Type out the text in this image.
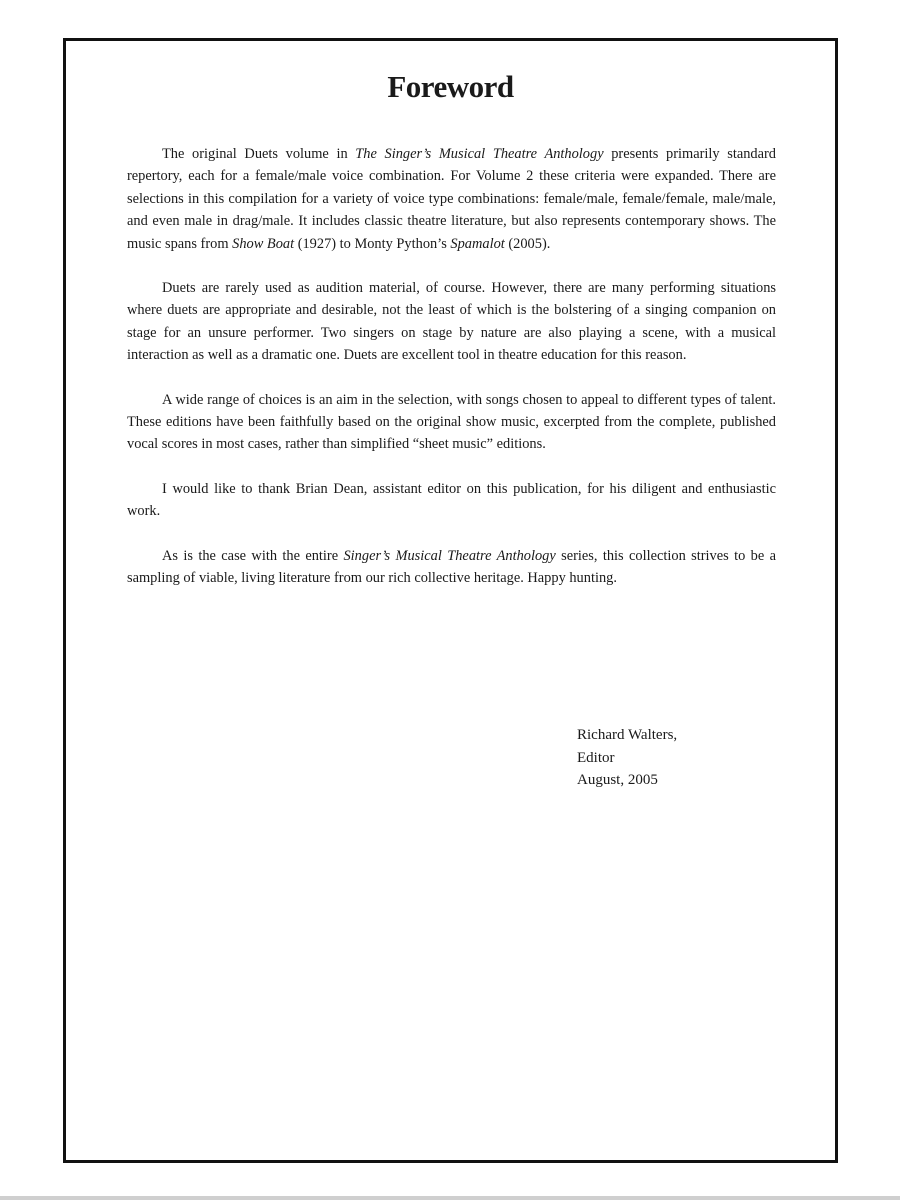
Foreword

The original Duets volume in The Singer’s Musical Theatre Anthology presents primarily standard repertory, each for a female/male voice combination. For Volume 2 these criteria were expanded. There are selections in this compilation for a variety of voice type combinations: female/male, female/female, male/male, and even male in drag/male. It includes classic theatre literature, but also represents contemporary shows. The music spans from Show Boat (1927) to Monty Python’s Spamalot (2005).

Duets are rarely used as audition material, of course. However, there are many performing situations where duets are appropriate and desirable, not the least of which is the bolstering of a singing companion on stage for an unsure performer. Two singers on stage by nature are also playing a scene, with a musical interaction as well as a dramatic one. Duets are excellent tool in theatre education for this reason.

A wide range of choices is an aim in the selection, with songs chosen to appeal to different types of talent. These editions have been faithfully based on the original show music, excerpted from the complete, published vocal scores in most cases, rather than simplified “sheet music” editions.

I would like to thank Brian Dean, assistant editor on this publication, for his diligent and enthusiastic work.

As is the case with the entire Singer’s Musical Theatre Anthology series, this collection strives to be a sampling of viable, living literature from our rich collective heritage. Happy hunting.

Richard Walters,
Editor
August, 2005
